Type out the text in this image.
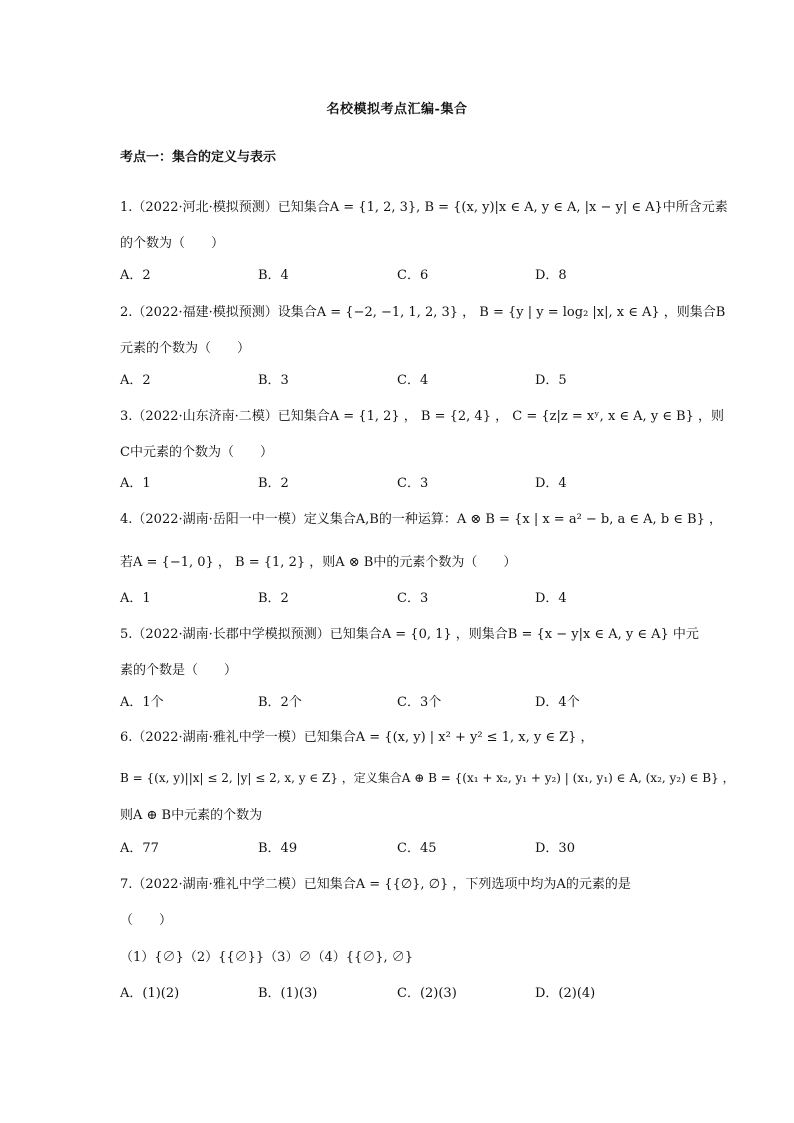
名校模拟考点汇编-集合
考点一：集合的定义与表示
1.（2022·河北·模拟预测）已知集合A = {1, 2, 3}, B = {(x, y)|x ∈ A, y ∈ A, |x − y| ∈ A}中所含元素
的个数为（　　）
A．2	B．4	C．6	D．8
2.（2022·福建·模拟预测）设集合A = {−2, −1, 1, 2, 3} ， B = {y | y = log₂ |x|, x ∈ A} ，则集合B
元素的个数为（　　）
A．2	B．3	C．4	D．5
3.（2022·山东济南·二模）已知集合A = {1, 2} ， B = {2, 4} ， C = {z|z = xʸ, x ∈ A, y ∈ B} ，则
C中元素的个数为（　　）
A．1	B．2	C．3	D．4
4.（2022·湖南·岳阳一中一模）定义集合A,B的一种运算：A ⊗ B = {x | x = a² − b, a ∈ A, b ∈ B} ，
若A = {−1, 0} ， B = {1, 2} ，则A ⊗ B中的元素个数为（　　）
A．1	B．2	C．3	D．4
5.（2022·湖南·长郡中学模拟预测）已知集合A = {0, 1} ，则集合B = {x − y|x ∈ A, y ∈ A} 中元
素的个数是（　　）
A．1个	B．2个	C．3个	D．4个
6.（2022·湖南·雅礼中学一模）已知集合A = {(x, y) | x² + y² ≤ 1, x, y ∈ Z} ，
B = {(x, y)||x| ≤ 2, |y| ≤ 2, x, y ∈ Z} ，定义集合A ⊕ B = {(x₁ + x₂, y₁ + y₂) | (x₁, y₁) ∈ A, (x₂, y₂) ∈ B} ，
则A ⊕ B中元素的个数为
A．77	B．49	C．45	D．30
7.（2022·湖南·雅礼中学二模）已知集合A = {{∅}, ∅} ，下列选项中均为A的元素的是
（　　）
（1）{∅}（2）{{∅}}（3）∅（4）{{∅}, ∅}
A．(1)(2)	B．(1)(3)	C．(2)(3)	D．(2)(4)
